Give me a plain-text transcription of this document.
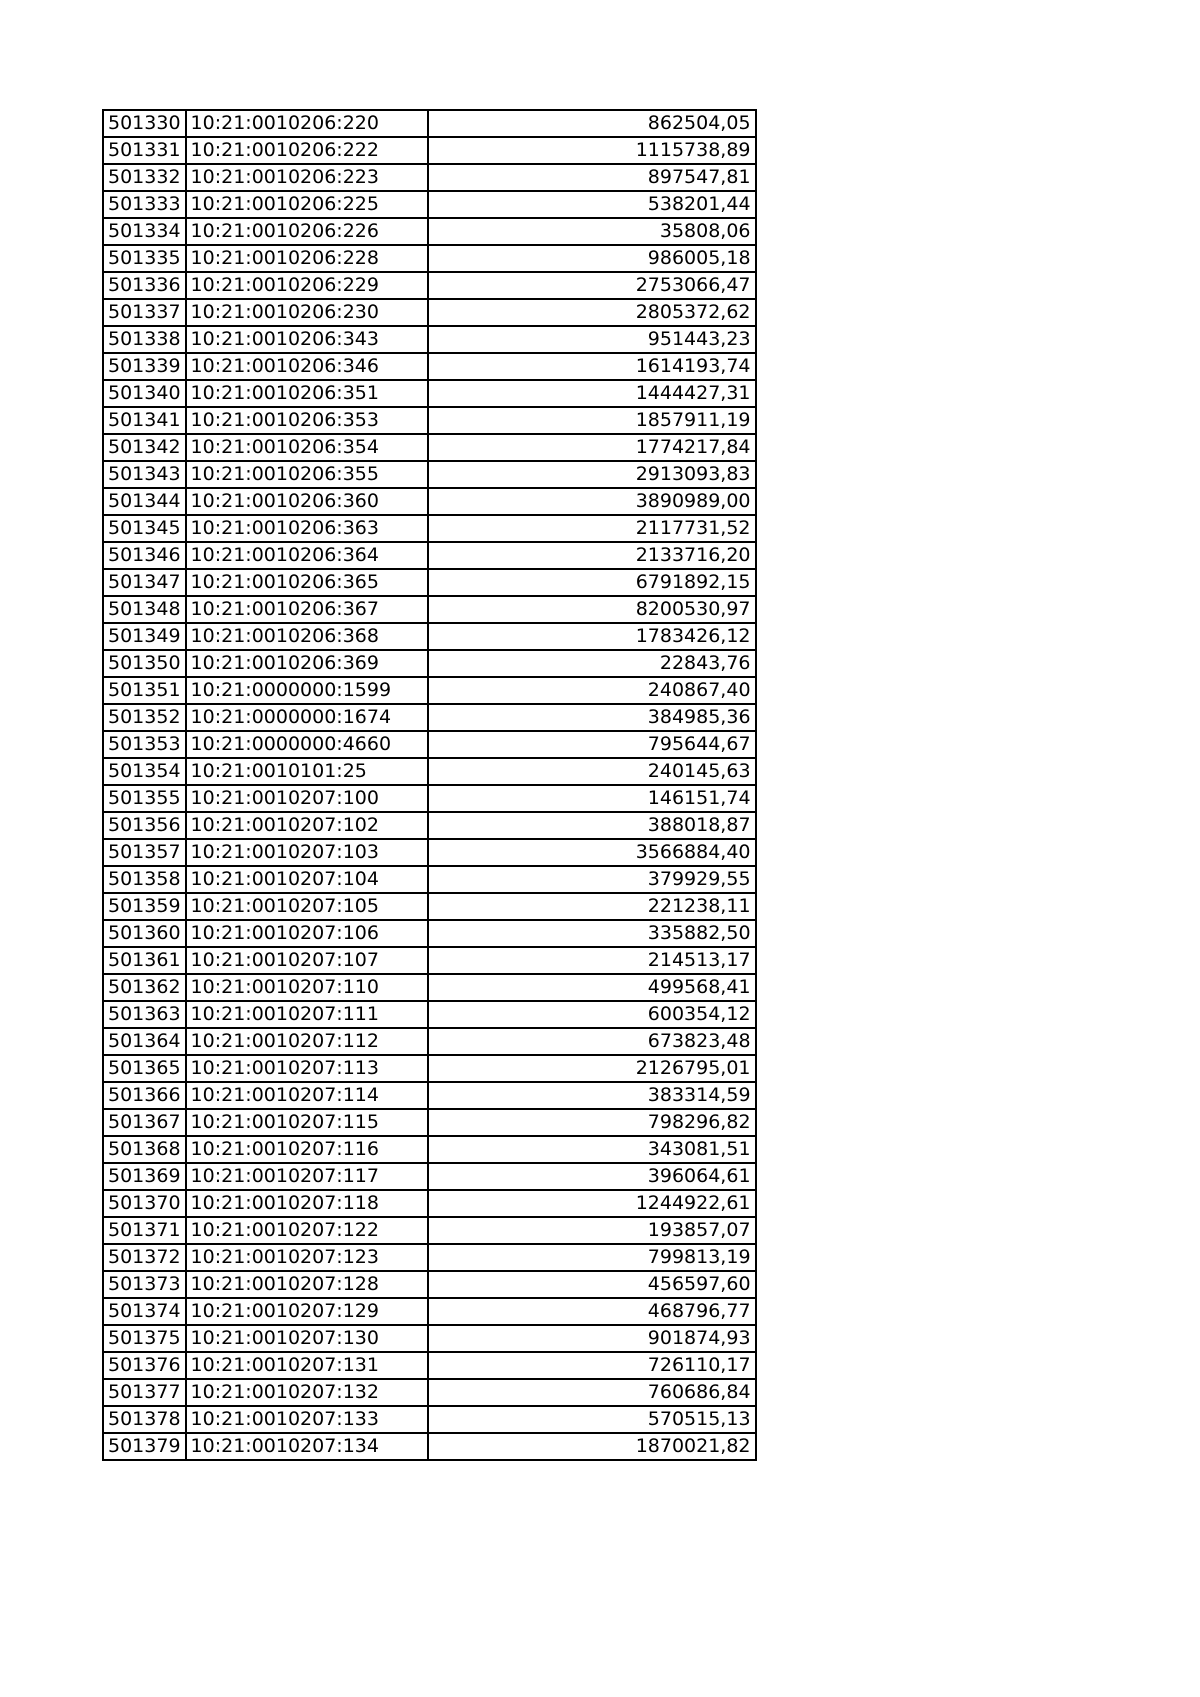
501330	10:21:0010206:220	862504,05
501331	10:21:0010206:222	1115738,89
501332	10:21:0010206:223	897547,81
501333	10:21:0010206:225	538201,44
501334	10:21:0010206:226	35808,06
501335	10:21:0010206:228	986005,18
501336	10:21:0010206:229	2753066,47
501337	10:21:0010206:230	2805372,62
501338	10:21:0010206:343	951443,23
501339	10:21:0010206:346	1614193,74
501340	10:21:0010206:351	1444427,31
501341	10:21:0010206:353	1857911,19
501342	10:21:0010206:354	1774217,84
501343	10:21:0010206:355	2913093,83
501344	10:21:0010206:360	3890989,00
501345	10:21:0010206:363	2117731,52
501346	10:21:0010206:364	2133716,20
501347	10:21:0010206:365	6791892,15
501348	10:21:0010206:367	8200530,97
501349	10:21:0010206:368	1783426,12
501350	10:21:0010206:369	22843,76
501351	10:21:0000000:1599	240867,40
501352	10:21:0000000:1674	384985,36
501353	10:21:0000000:4660	795644,67
501354	10:21:0010101:25	240145,63
501355	10:21:0010207:100	146151,74
501356	10:21:0010207:102	388018,87
501357	10:21:0010207:103	3566884,40
501358	10:21:0010207:104	379929,55
501359	10:21:0010207:105	221238,11
501360	10:21:0010207:106	335882,50
501361	10:21:0010207:107	214513,17
501362	10:21:0010207:110	499568,41
501363	10:21:0010207:111	600354,12
501364	10:21:0010207:112	673823,48
501365	10:21:0010207:113	2126795,01
501366	10:21:0010207:114	383314,59
501367	10:21:0010207:115	798296,82
501368	10:21:0010207:116	343081,51
501369	10:21:0010207:117	396064,61
501370	10:21:0010207:118	1244922,61
501371	10:21:0010207:122	193857,07
501372	10:21:0010207:123	799813,19
501373	10:21:0010207:128	456597,60
501374	10:21:0010207:129	468796,77
501375	10:21:0010207:130	901874,93
501376	10:21:0010207:131	726110,17
501377	10:21:0010207:132	760686,84
501378	10:21:0010207:133	570515,13
501379	10:21:0010207:134	1870021,82
